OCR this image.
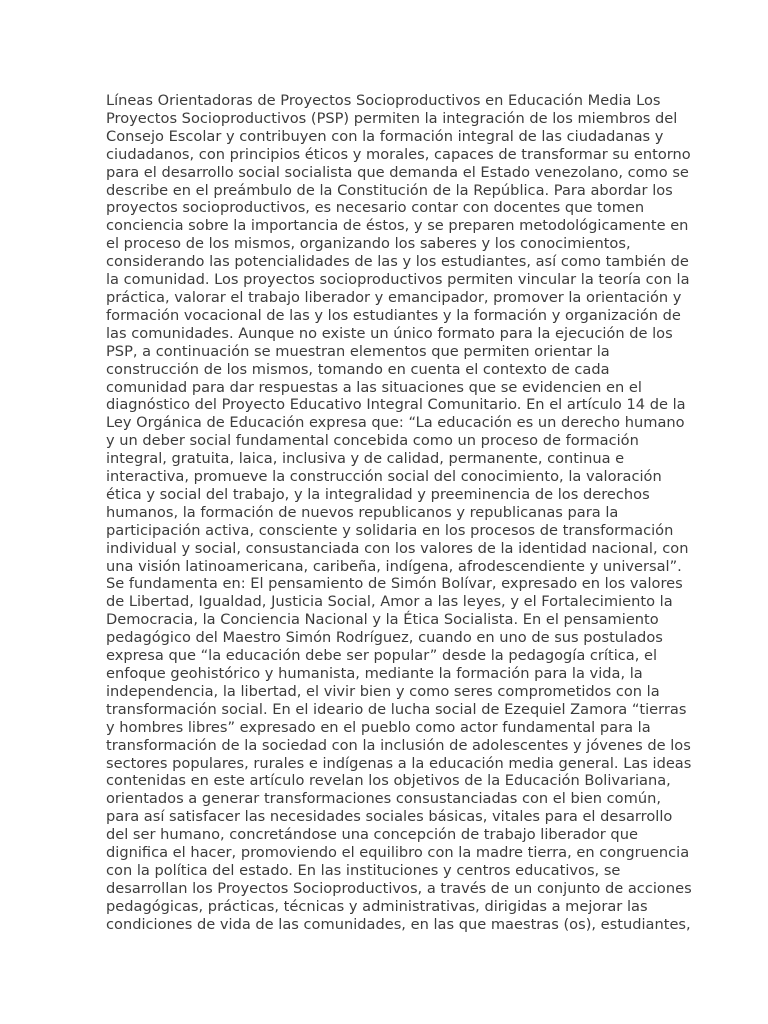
Líneas Orientadoras de Proyectos Socioproductivos en Educación Media Los
Proyectos Socioproductivos (PSP) permiten la integración de los miembros del
Consejo Escolar y contribuyen con la formación integral de las ciudadanas y
ciudadanos, con principios éticos y morales, capaces de transformar su entorno
para el desarrollo social socialista que demanda el Estado venezolano, como se
describe en el preámbulo de la Constitución de la República. Para abordar los
proyectos socioproductivos, es necesario contar con docentes que tomen
conciencia sobre la importancia de éstos, y se preparen metodológicamente en
el proceso de los mismos, organizando los saberes y los conocimientos,
considerando las potencialidades de las y los estudiantes, así como también de
la comunidad. Los proyectos socioproductivos permiten vincular la teoría con la
práctica, valorar el trabajo liberador y emancipador, promover la orientación y
formación vocacional de las y los estudiantes y la formación y organización de
las comunidades. Aunque no existe un único formato para la ejecución de los
PSP, a continuación se muestran elementos que permiten orientar la
construcción de los mismos, tomando en cuenta el contexto de cada
comunidad para dar respuestas a las situaciones que se evidencien en el
diagnóstico del Proyecto Educativo Integral Comunitario. En el artículo 14 de la
Ley Orgánica de Educación expresa que: “La educación es un derecho humano
y un deber social fundamental concebida como un proceso de formación
integral, gratuita, laica, inclusiva y de calidad, permanente, continua e
interactiva, promueve la construcción social del conocimiento, la valoración
ética y social del trabajo, y la integralidad y preeminencia de los derechos
humanos, la formación de nuevos republicanos y republicanas para la
participación activa, consciente y solidaria en los procesos de transformación
individual y social, consustanciada con los valores de la identidad nacional, con
una visión latinoamericana, caribeña, indígena, afrodescendiente y universal”.
Se fundamenta en: El pensamiento de Simón Bolívar, expresado en los valores
de Libertad, Igualdad, Justicia Social, Amor a las leyes, y el Fortalecimiento la
Democracia, la Conciencia Nacional y la Ética Socialista. En el pensamiento
pedagógico del Maestro Simón Rodríguez, cuando en uno de sus postulados
expresa que “la educación debe ser popular” desde la pedagogía crítica, el
enfoque geohistórico y humanista, mediante la formación para la vida, la
independencia, la libertad, el vivir bien y como seres comprometidos con la
transformación social. En el ideario de lucha social de Ezequiel Zamora “tierras
y hombres libres” expresado en el pueblo como actor fundamental para la
transformación de la sociedad con la inclusión de adolescentes y jóvenes de los
sectores populares, rurales e indígenas a la educación media general. Las ideas
contenidas en este artículo revelan los objetivos de la Educación Bolivariana,
orientados a generar transformaciones consustanciadas con el bien común,
para así satisfacer las necesidades sociales básicas, vitales para el desarrollo
del ser humano, concretándose una concepción de trabajo liberador que
dignifica el hacer, promoviendo el equilibro con la madre tierra, en congruencia
con la política del estado. En las instituciones y centros educativos, se
desarrollan los Proyectos Socioproductivos, a través de un conjunto de acciones
pedagógicas, prácticas, técnicas y administrativas, dirigidas a mejorar las
condiciones de vida de las comunidades, en las que maestras (os), estudiantes,
